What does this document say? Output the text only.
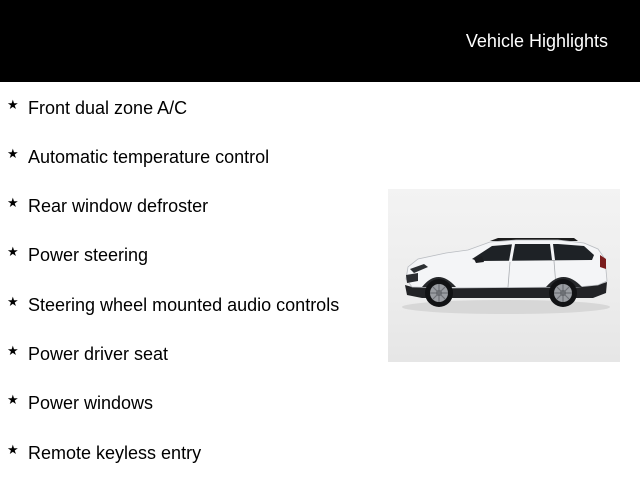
Vehicle Highlights
★ Front dual zone A/C
★ Automatic temperature control
★ Rear window defroster
★ Power steering
★ Steering wheel mounted audio controls
★ Power driver seat
★ Power windows
★ Remote keyless entry
